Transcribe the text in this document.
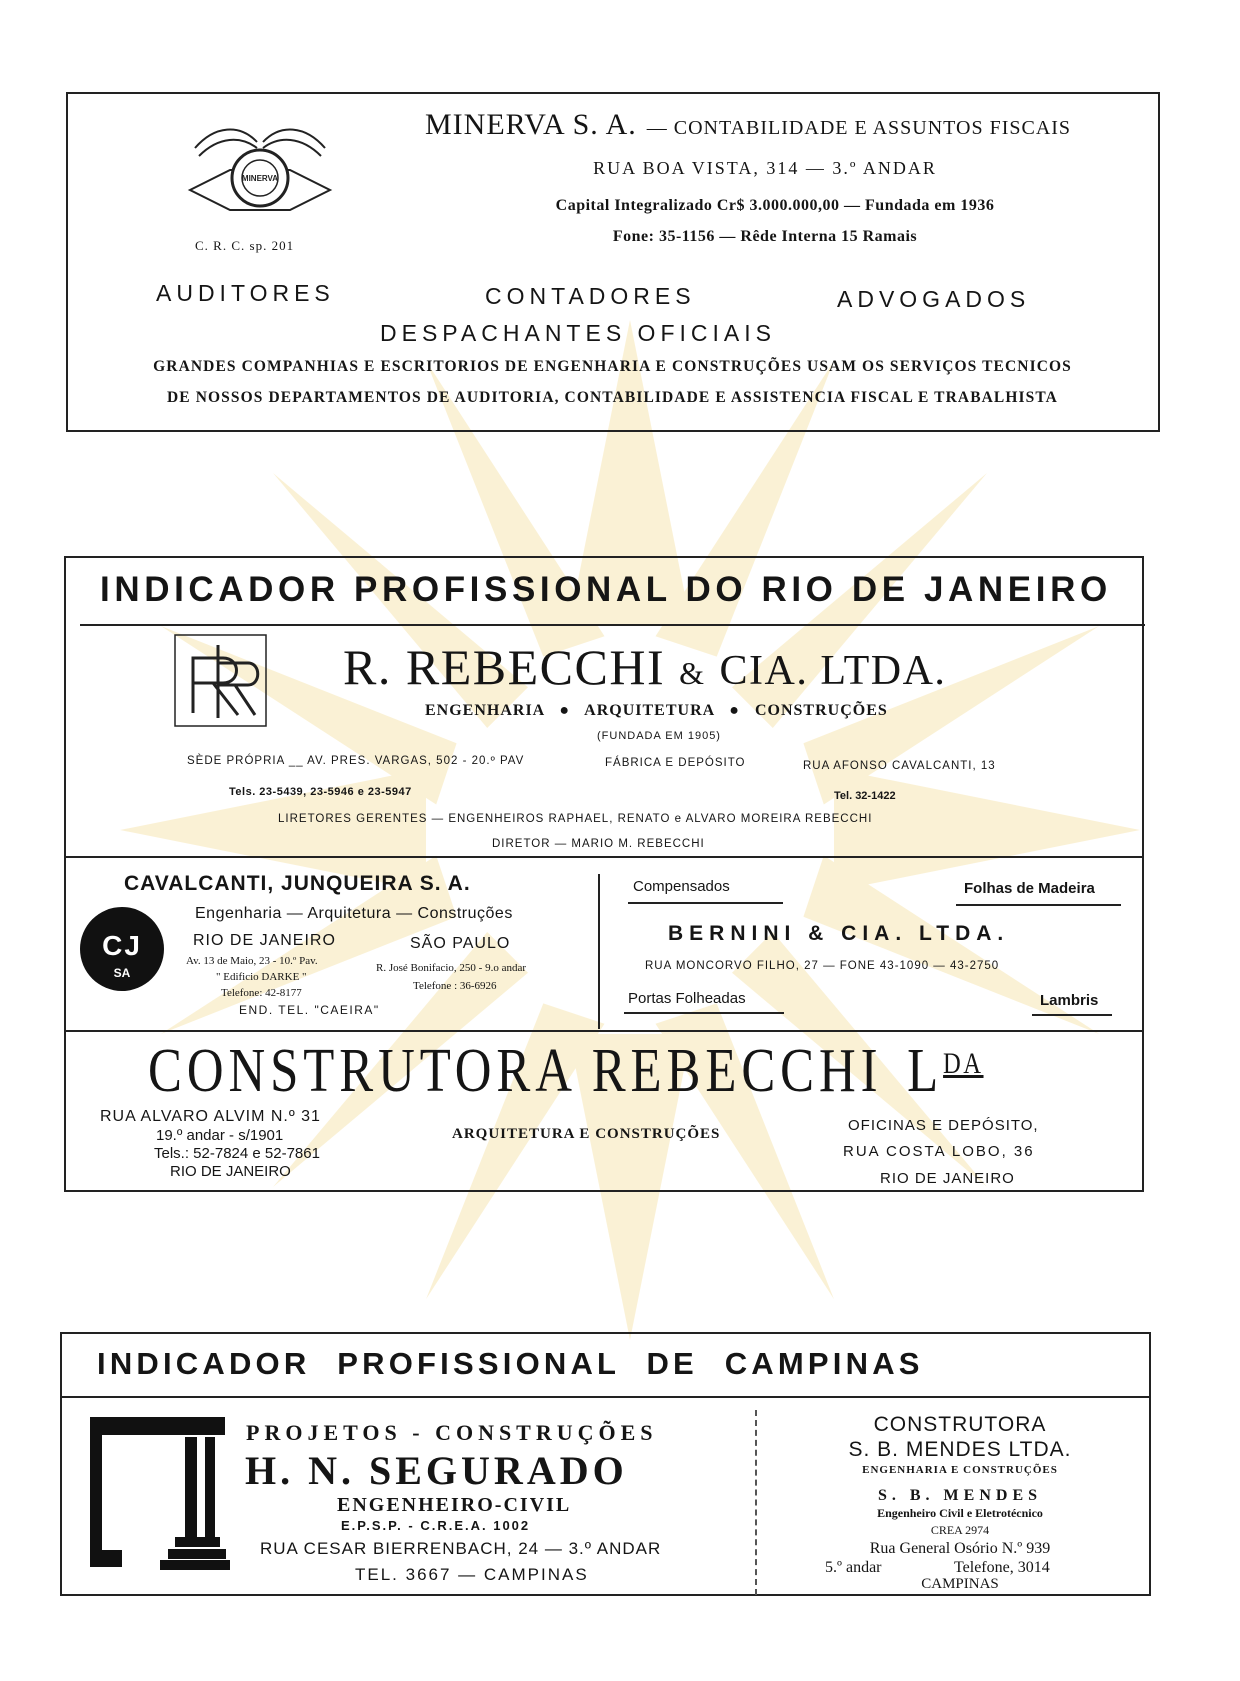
MINERVA
C. R. C. sp. 201
MINERVA S. A. — CONTABILIDADE E ASSUNTOS FISCAIS
RUA BOA VISTA, 314 — 3.º ANDAR
Capital Integralizado Cr$ 3.000.000,00 — Fundada em 1936
Fone: 35-1156 — Rêde Interna 15 Ramais
AUDITORES	CONTADORES	ADVOGADOS
DESPACHANTES OFICIAIS
GRANDES COMPANHIAS E ESCRITORIOS DE ENGENHARIA E CONSTRUÇÕES USAM OS SERVIÇOS TECNICOS
DE NOSSOS DEPARTAMENTOS DE AUDITORIA, CONTABILIDADE E ASSISTENCIA FISCAL E TRABALHISTA
INDICADOR PROFISSIONAL DO RIO DE JANEIRO
R. REBECCHI & CIA. LTDA.
ENGENHARIA ● ARQUITETURA ● CONSTRUÇÕES
(FUNDADA EM 1905)
SÈDE PRÓPRIA __ AV. PRES. VARGAS, 502 - 20.º PAV	FÁBRICA E DEPÓSITO	RUA AFONSO CAVALCANTI, 13
Tels. 23-5439, 23-5946 e 23-5947	Tel. 32-1422
LIRETORES GERENTES — ENGENHEIROS RAPHAEL, RENATO e ALVARO MOREIRA REBECCHI
DIRETOR — MARIO M. REBECCHI
CJ
SA
CAVALCANTI, JUNQUEIRA S. A.
Engenharia — Arquitetura — Construções
RIO DE JANEIRO	SÃO PAULO
Av. 13 de Maio, 23 - 10.º Pav.
" Edificio DARKE "
Telefone: 42-8177
R. José Bonifacio, 250 - 9.o andar
Telefone : 36-6926
END. TEL. "CAEIRA"
Compensados	Folhas de Madeira
BERNINI & CIA. LTDA.
RUA MONCORVO FILHO, 27 — FONE 43-1090 — 43-2750
Portas Folheadas	Lambris
CONSTRUTORA REBECCHI $L^{DA}$
RUA ALVARO ALVIM N.º 31
19.º andar - s/1901
Tels.: 52-7824 e 52-7861
RIO DE JANEIRO
ARQUITETURA E CONSTRUÇÕES	OFICINAS E DEPÓSITO,
RUA COSTA LOBO, 36
RIO DE JANEIRO
INDICADOR PROFISSIONAL DE CAMPINAS
PROJETOS - CONSTRUÇÕES
H. N. SEGURADO
ENGENHEIRO-CIVIL
E.P.S.P. - C.R.E.A. 1002
RUA CESAR BIERRENBACH, 24 — 3.º ANDAR
TEL. 3667 — CAMPINAS
CONSTRUTORA
S. B. MENDES LTDA.
ENGENHARIA E CONSTRUÇÕES
S. B. MENDES
Engenheiro Civil e Eletrotécnico
CREA 2974
Rua General Osório N.º 939
5.º andar	Telefone, 3014
CAMPINAS
